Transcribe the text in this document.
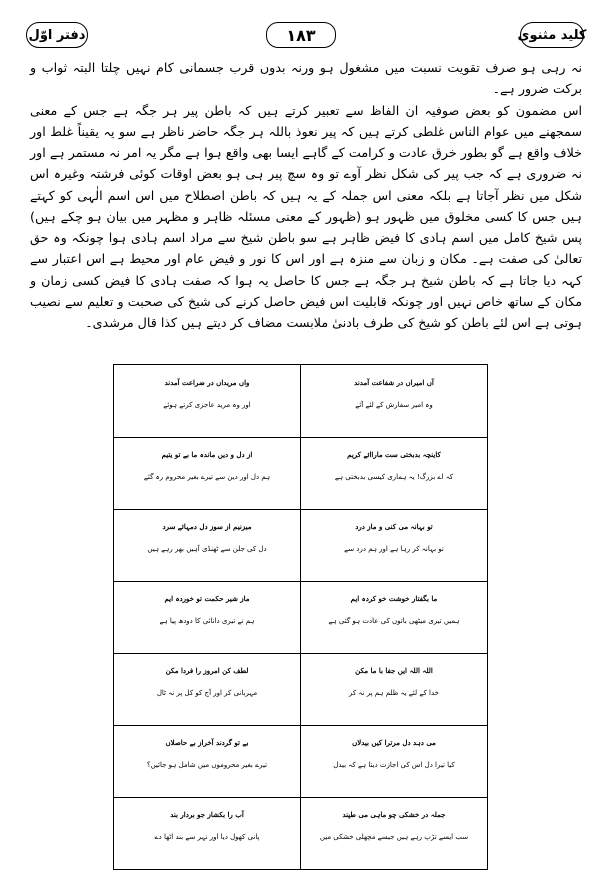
دفتر اوّل	۱۸۳	کلید مثنوی

نہ رہی ہو صرف تقویت نسبت میں مشغول ہو ورنہ بدوں قرب جسمانی کام نہیں چلتا البتہ ثواب و برکت ضرور ہے۔

اس مضمون کو بعض صوفیہ ان الفاظ سے تعبیر کرتے ہیں کہ باطن پیر ہر جگہ ہے جس کے معنی سمجھنے میں عوام الناس غلطی کرتے ہیں کہ پیر نعوذ باللہ ہر جگہ حاضر ناظر ہے سو یہ یقیناً غلط اور خلاف واقع ہے گو بطور خرق عادت و کرامت کے گاہے ایسا بھی واقع ہوا ہے مگر یہ امر نہ مستمر ہے اور نہ ضروری ہے کہ جب پیر کی شکل نظر آوے تو وہ سچ پیر ہی ہو بعض اوقات کوئی فرشتہ وغیرہ اس شکل میں نظر آجاتا ہے بلکہ معنی اس جملہ کے یہ ہیں کہ باطن اصطلاح میں اس اسم الٰہی کو کہتے ہیں جس کا کسی مخلوق میں ظہور ہو (ظہور کے معنی مسئلہ ظاہر و مظہر میں بیان ہو چکے ہیں) پس شیخ کامل میں اسم ہادی کا فیض ظاہر ہے سو باطن شیخ سے مراد اسم ہادی ہوا چونکہ وہ حق تعالیٰ کی صفت ہے۔ مکان و زبان سے منزہ ہے اور اس کا نور و فیض عام اور محیط ہے اس اعتبار سے کہہ دیا جاتا ہے کہ باطن شیخ ہر جگہ ہے جس کا حاصل یہ ہوا کہ صفت ہادی کا فیض کسی زمان و مکان کے ساتھ خاص نہیں اور چونکہ قابلیت اس فیض حاصل کرنے کی شیخ کی صحبت و تعلیم سے نصیب ہوتی ہے اس لئے باطن کو شیخ کی طرف بادنیٰ ملابست مضاف کر دیتے ہیں کذا قال مرشدی۔

آں امیراں در شفاعت آمدند
وہ امیر سفارش کے لئے آئے
واں مریداں در ضراعت آمدند
اور وہ مرید عاجزی کرتے ہوئے
کاینچہ بدبختی ست ماراائے کریم
کہ اے بزرگ! یہ ہماری کیسی بدبختی ہے
از دل و دیں ماندہ ما بے تو یتیم
ہم دل اور دین سے تیرے بغیر محروم رہ گئے
تو بہانہ می کنی و ماز درد
تو بہانہ کر رہا ہے اور ہم درد سے
میزنیم از سوز دل دمہائے سرد
دل کی جلن سے ٹھنڈی آہیں بھر رہے ہیں
ما بگفتار خوشت خو کردہ ایم
ہمیں تیری میٹھی باتوں کی عادت ہو گئی ہے
ماز شیر حکمت تو خوردہ ایم
ہم نے تیری دانائی کا دودھ پیا ہے
اللہ اللہ ایں جفا با ما مکن
خدا کے لئے یہ ظلم ہم پر نہ کر
لطف کن امروز را فردا مکن
مہربانی کر اور آج کو کل پر نہ ٹال
می دہد دل مرترا کیں بیدلاں
کیا تیرا دل اس کی اجازت دیتا ہے کہ بیدل
بے تو گردند آخراز بے حاصلاں
تیرے بغیر محروموں میں شامل ہو جائیں؟
جملہ در خشکی چو ماہی می طپند
سب ایسے تڑپ رہے ہیں جیسے مچھلی خشکی میں
آب را بکشاز جو بردار بند
پانی کھول دیا اور نہر سے بند اٹھا دے
